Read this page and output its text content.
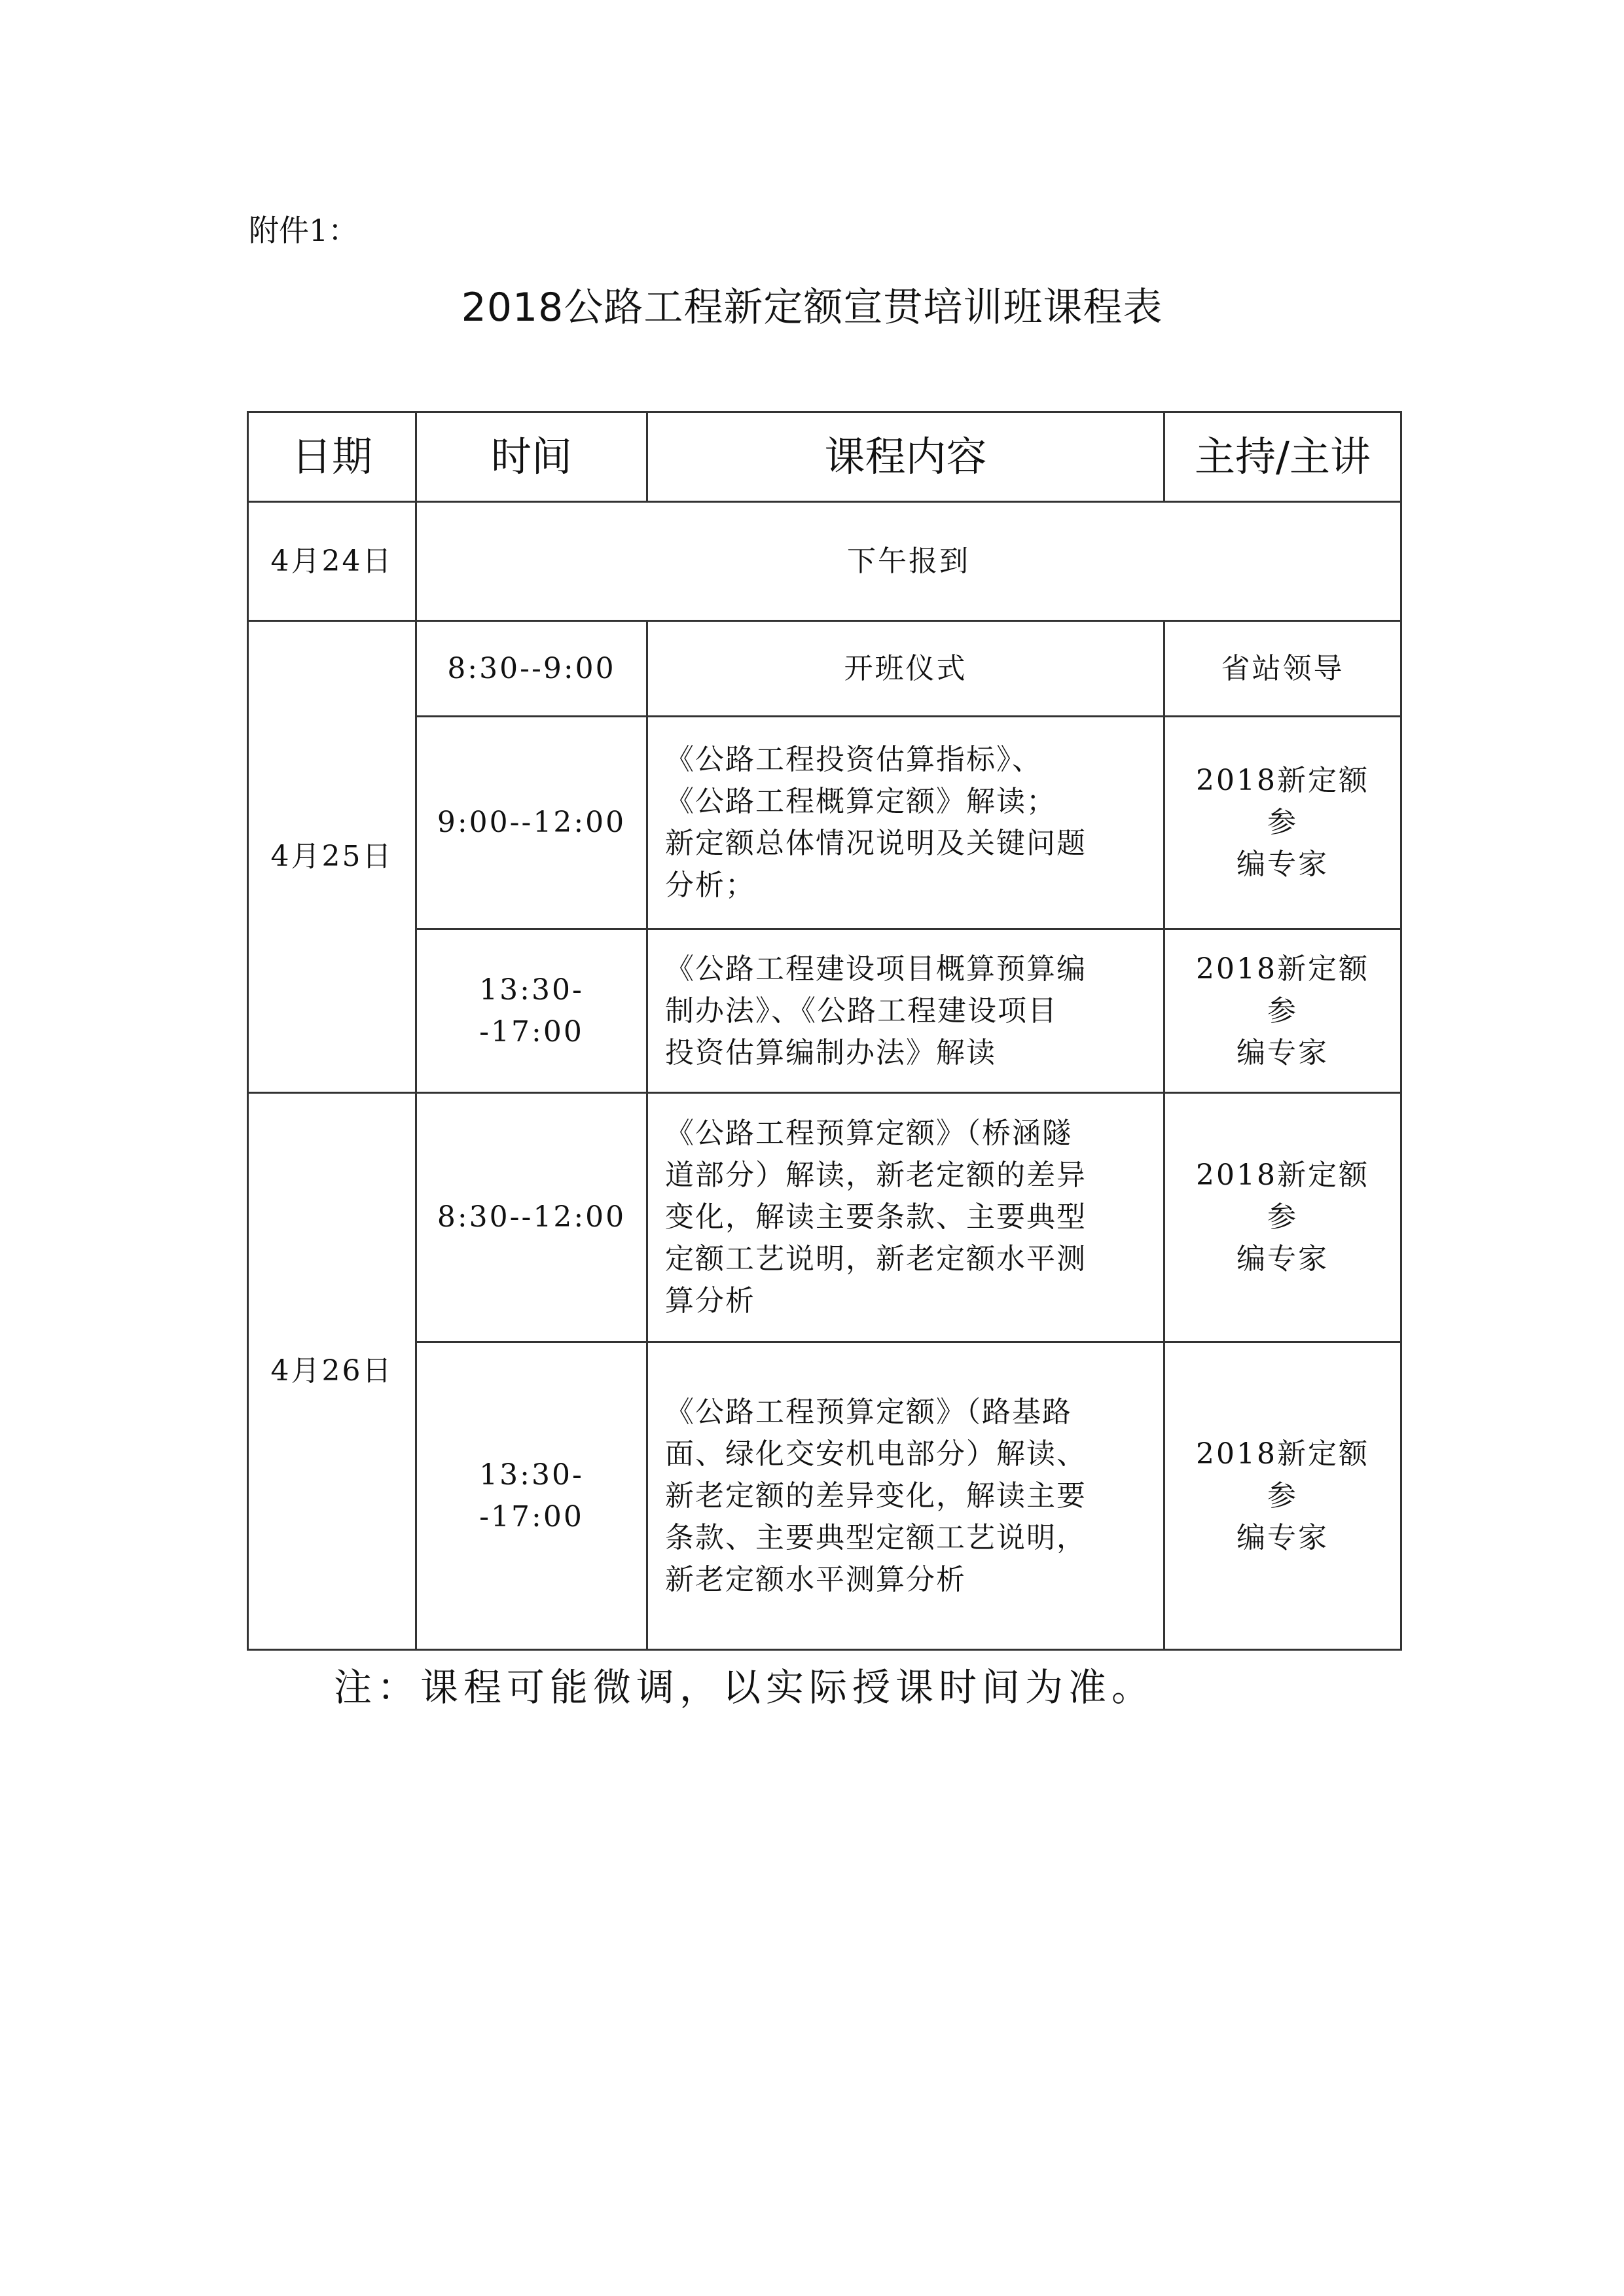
附件1：
2018公路工程新定额宣贯培训班课程表
日期	时间	课程内容	主持/主讲
4月24日	下午报到		
4月25日	8:30--9:00	开班仪式	省站领导
	9:00--12:00	《公路工程投资估算指标》、
《公路工程概算定额》解读；
新定额总体情况说明及关键问题
分析；	2018新定额参
编专家
	13:30--17:00	《公路工程建设项目概算预算编
制办法》、《公路工程建设项目
投资估算编制办法》解读	2018新定额参
编专家
4月26日	8:30--12:00	《公路工程预算定额》（桥涵隧
道部分）解读，新老定额的差异
变化，解读主要条款、主要典型
定额工艺说明，新老定额水平测
算分析	2018新定额参
编专家
	13:30--17:00	《公路工程预算定额》（路基路
面、绿化交安机电部分）解读、
新老定额的差异变化，解读主要
条款、主要典型定额工艺说明，
新老定额水平测算分析	2018新定额参
编专家
注：课程可能微调，以实际授课时间为准。
